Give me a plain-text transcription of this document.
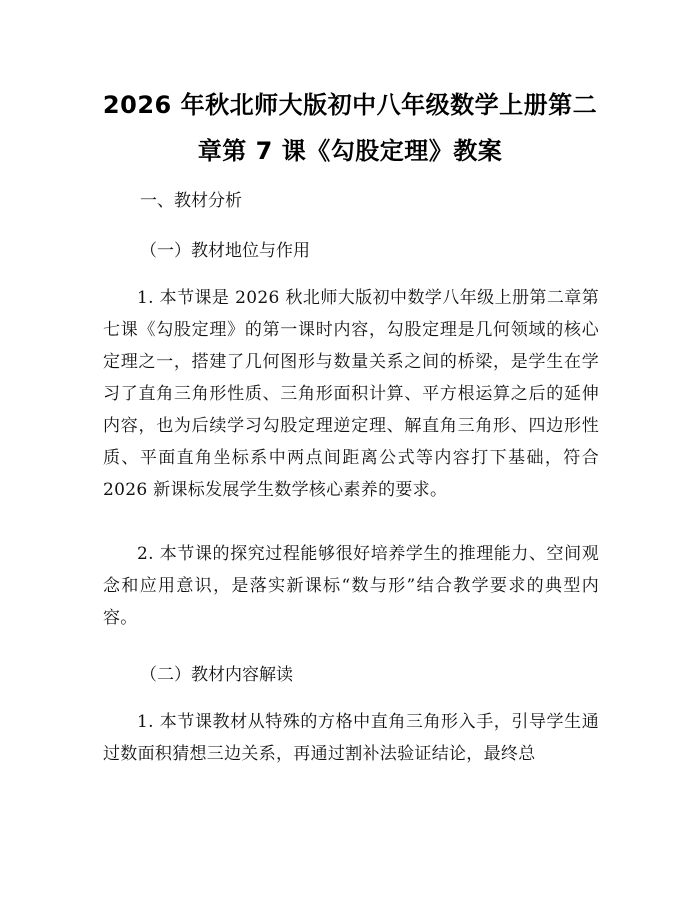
2026 年秋北师大版初中八年级数学上册第二章第 7 课《勾股定理》教案
一、教材分析
（一）教材地位与作用
1. 本节课是 2026 秋北师大版初中数学八年级上册第二章第七课《勾股定理》的第一课时内容，勾股定理是几何领域的核心定理之一，搭建了几何图形与数量关系之间的桥梁，是学生在学习了直角三角形性质、三角形面积计算、平方根运算之后的延伸内容，也为后续学习勾股定理逆定理、解直角三角形、四边形性质、平面直角坐标系中两点间距离公式等内容打下基础，符合 2026 新课标发展学生数学核心素养的要求。
2. 本节课的探究过程能够很好培养学生的推理能力、空间观念和应用意识，是落实新课标“数与形”结合教学要求的典型内容。
（二）教材内容解读
1. 本节课教材从特殊的方格中直角三角形入手，引导学生通过数面积猜想三边关系，再通过割补法验证结论，最终总
